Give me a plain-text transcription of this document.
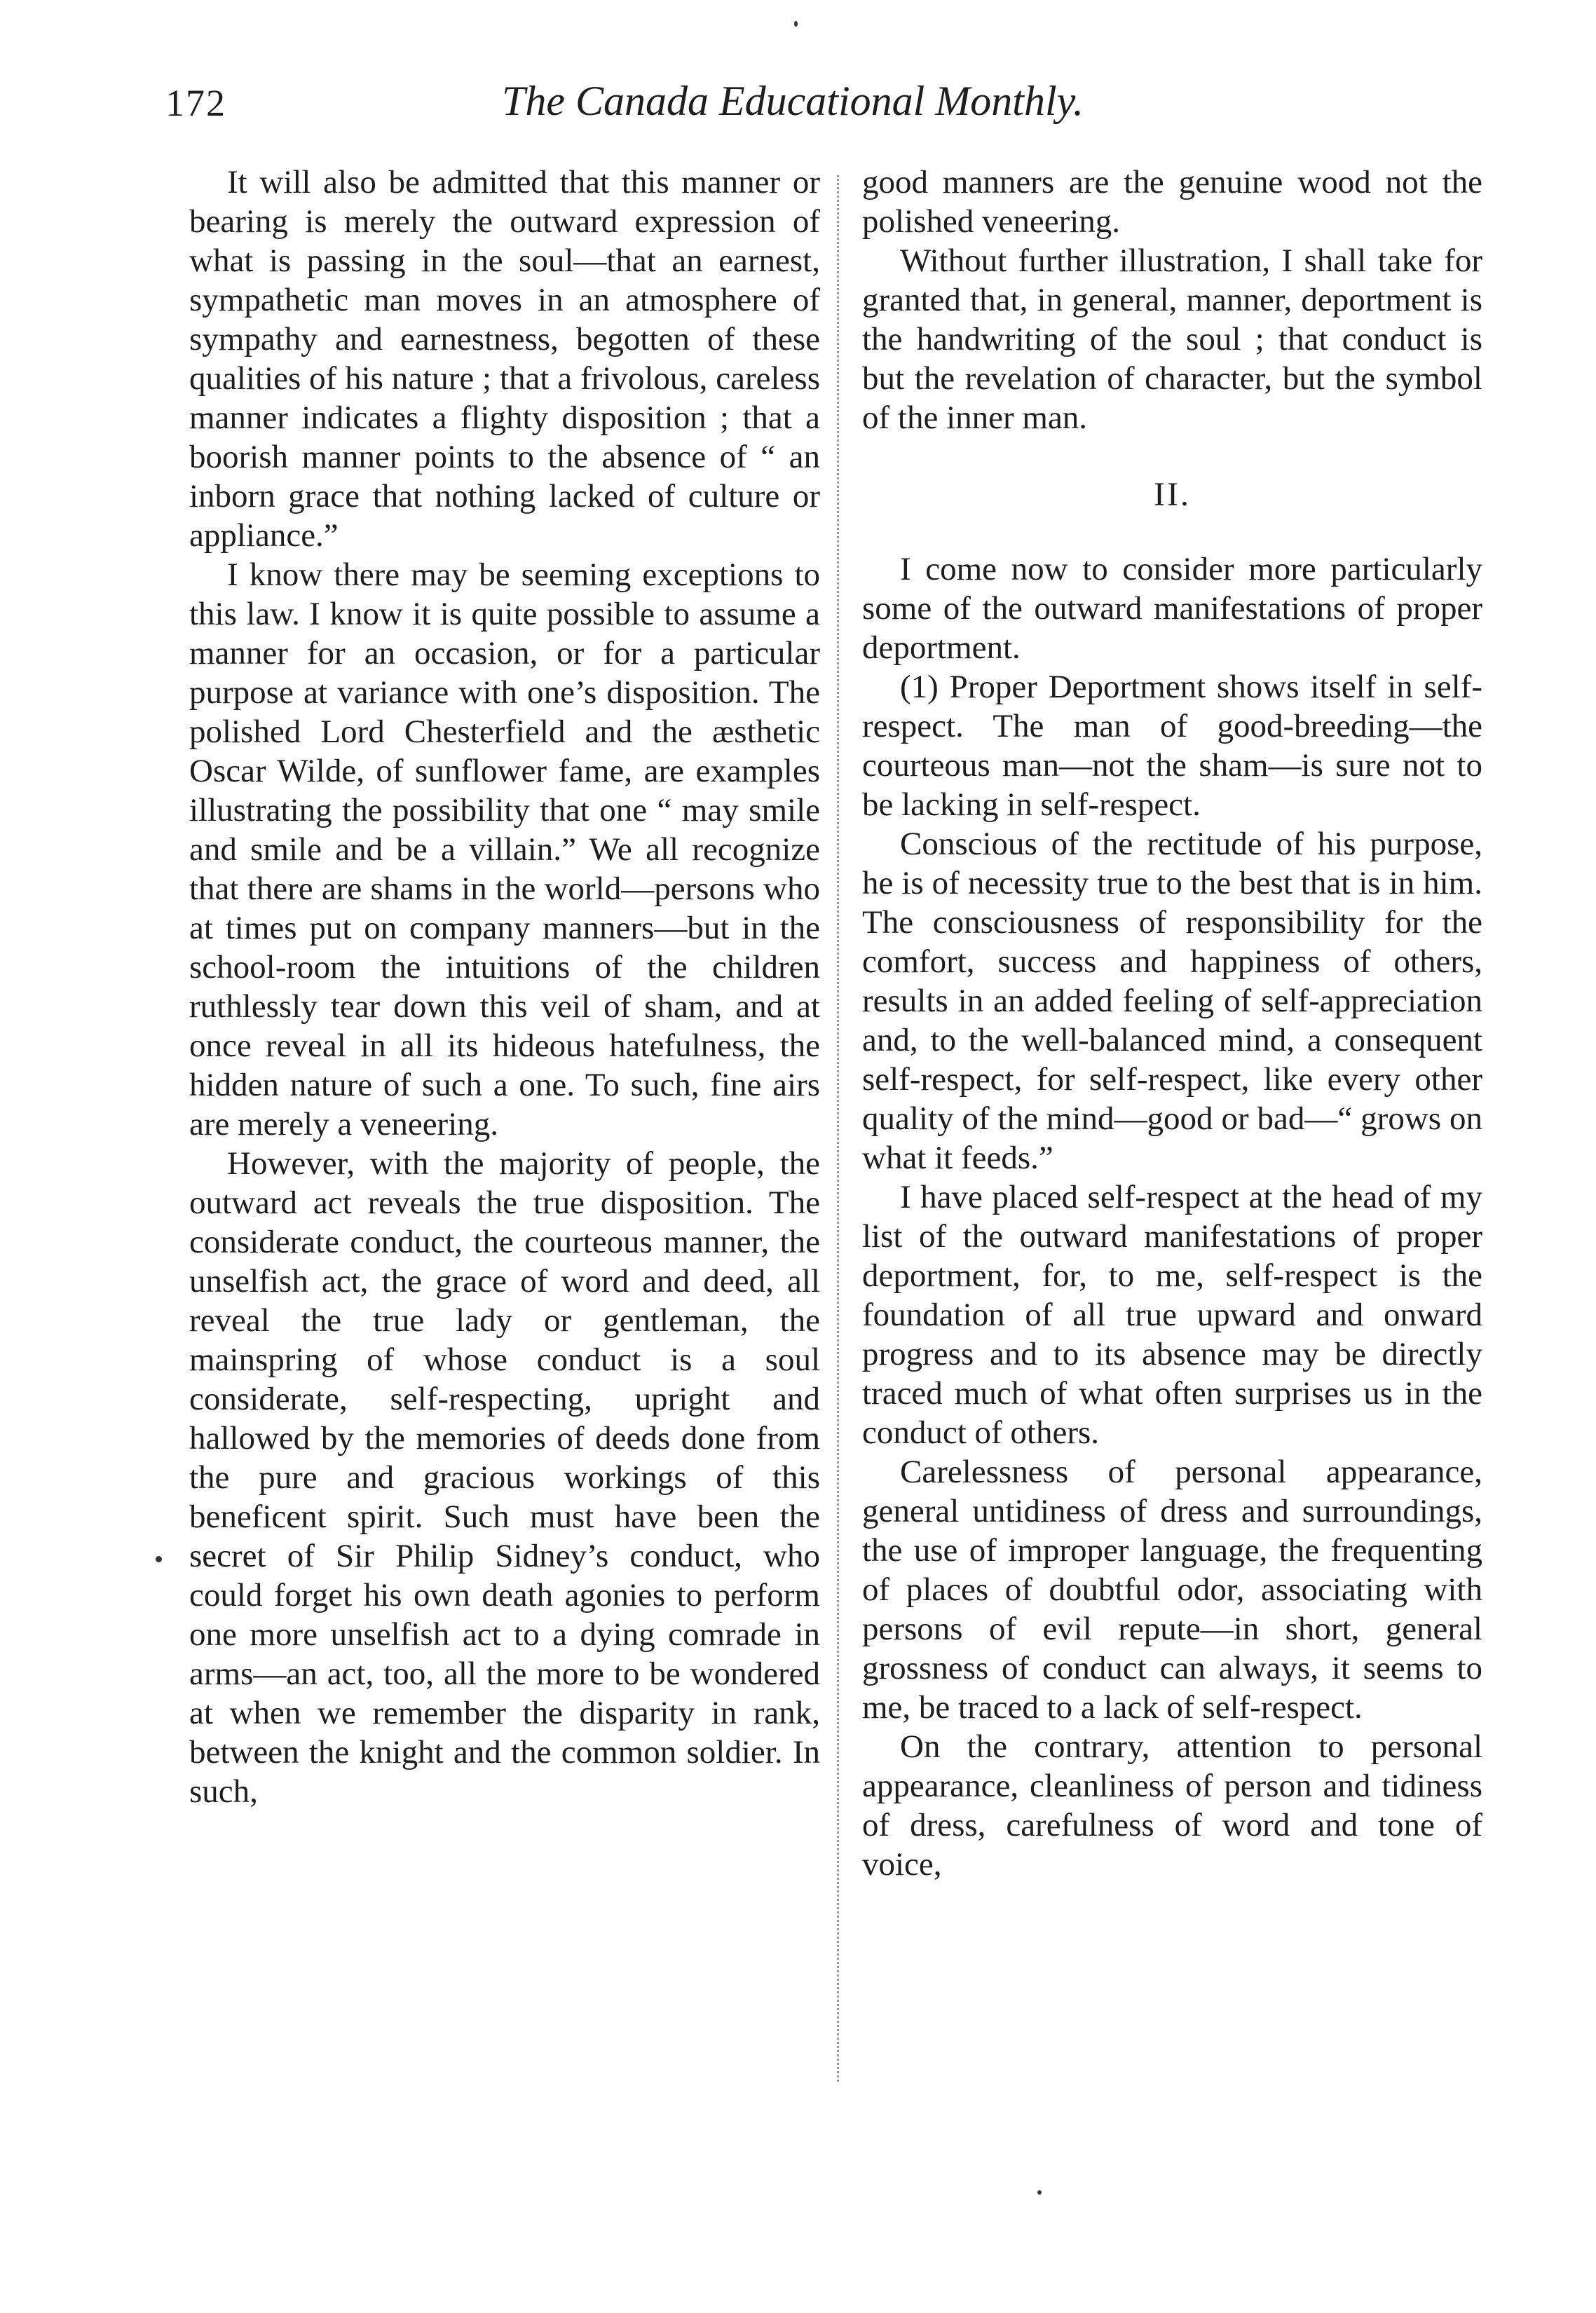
172	The Canada Educational Monthly.

It will also be admitted that this manner or bearing is merely the outward expression of what is passing in the soul—that an earnest, sympathetic man moves in an atmosphere of sympathy and earnestness, begotten of these qualities of his nature ; that a frivolous, careless manner indicates a flighty disposition ; that a boorish manner points to the absence of “ an inborn grace that nothing lacked of culture or appliance.”

I know there may be seeming exceptions to this law. I know it is quite possible to assume a manner for an occasion, or for a particular purpose at variance with one’s disposition. The polished Lord Chesterfield and the æsthetic Oscar Wilde, of sunflower fame, are examples illustrating the possibility that one “ may smile and smile and be a villain.” We all recognize that there are shams in the world—persons who at times put on company manners—but in the school-room the intuitions of the children ruthlessly tear down this veil of sham, and at once reveal in all its hideous hatefulness, the hidden nature of such a one. To such, fine airs are merely a veneering.

However, with the majority of people, the outward act reveals the true disposition. The considerate conduct, the courteous manner, the unselfish act, the grace of word and deed, all reveal the true lady or gentleman, the mainspring of whose conduct is a soul considerate, self-respecting, upright and hallowed by the memories of deeds done from the pure and gracious workings of this beneficent spirit. Such must have been the secret of Sir Philip Sidney’s conduct, who could forget his own death agonies to perform one more unselfish act to a dying comrade in arms—an act, too, all the more to be wondered at when we remember the disparity in rank, between the knight and the common soldier. In such,

good manners are the genuine wood not the polished veneering.

Without further illustration, I shall take for granted that, in general, manner, deportment is the handwriting of the soul ; that conduct is but the revelation of character, but the symbol of the inner man.

II.

I come now to consider more particularly some of the outward manifestations of proper deportment.

(1) Proper Deportment shows itself in self-respect. The man of good-breeding—the courteous man—not the sham—is sure not to be lacking in self-respect.

Conscious of the rectitude of his purpose, he is of necessity true to the best that is in him. The consciousness of responsibility for the comfort, success and happiness of others, results in an added feeling of self-appreciation and, to the well-balanced mind, a consequent self-respect, for self-respect, like every other quality of the mind—good or bad—“ grows on what it feeds.”

I have placed self-respect at the head of my list of the outward manifestations of proper deportment, for, to me, self-respect is the foundation of all true upward and onward progress and to its absence may be directly traced much of what often surprises us in the conduct of others.

Carelessness of personal appearance, general untidiness of dress and surroundings, the use of improper language, the frequenting of places of doubtful odor, associating with persons of evil repute—in short, general grossness of conduct can always, it seems to me, be traced to a lack of self-respect.

On the contrary, attention to personal appearance, cleanliness of person and tidiness of dress, carefulness of word and tone of voice,
